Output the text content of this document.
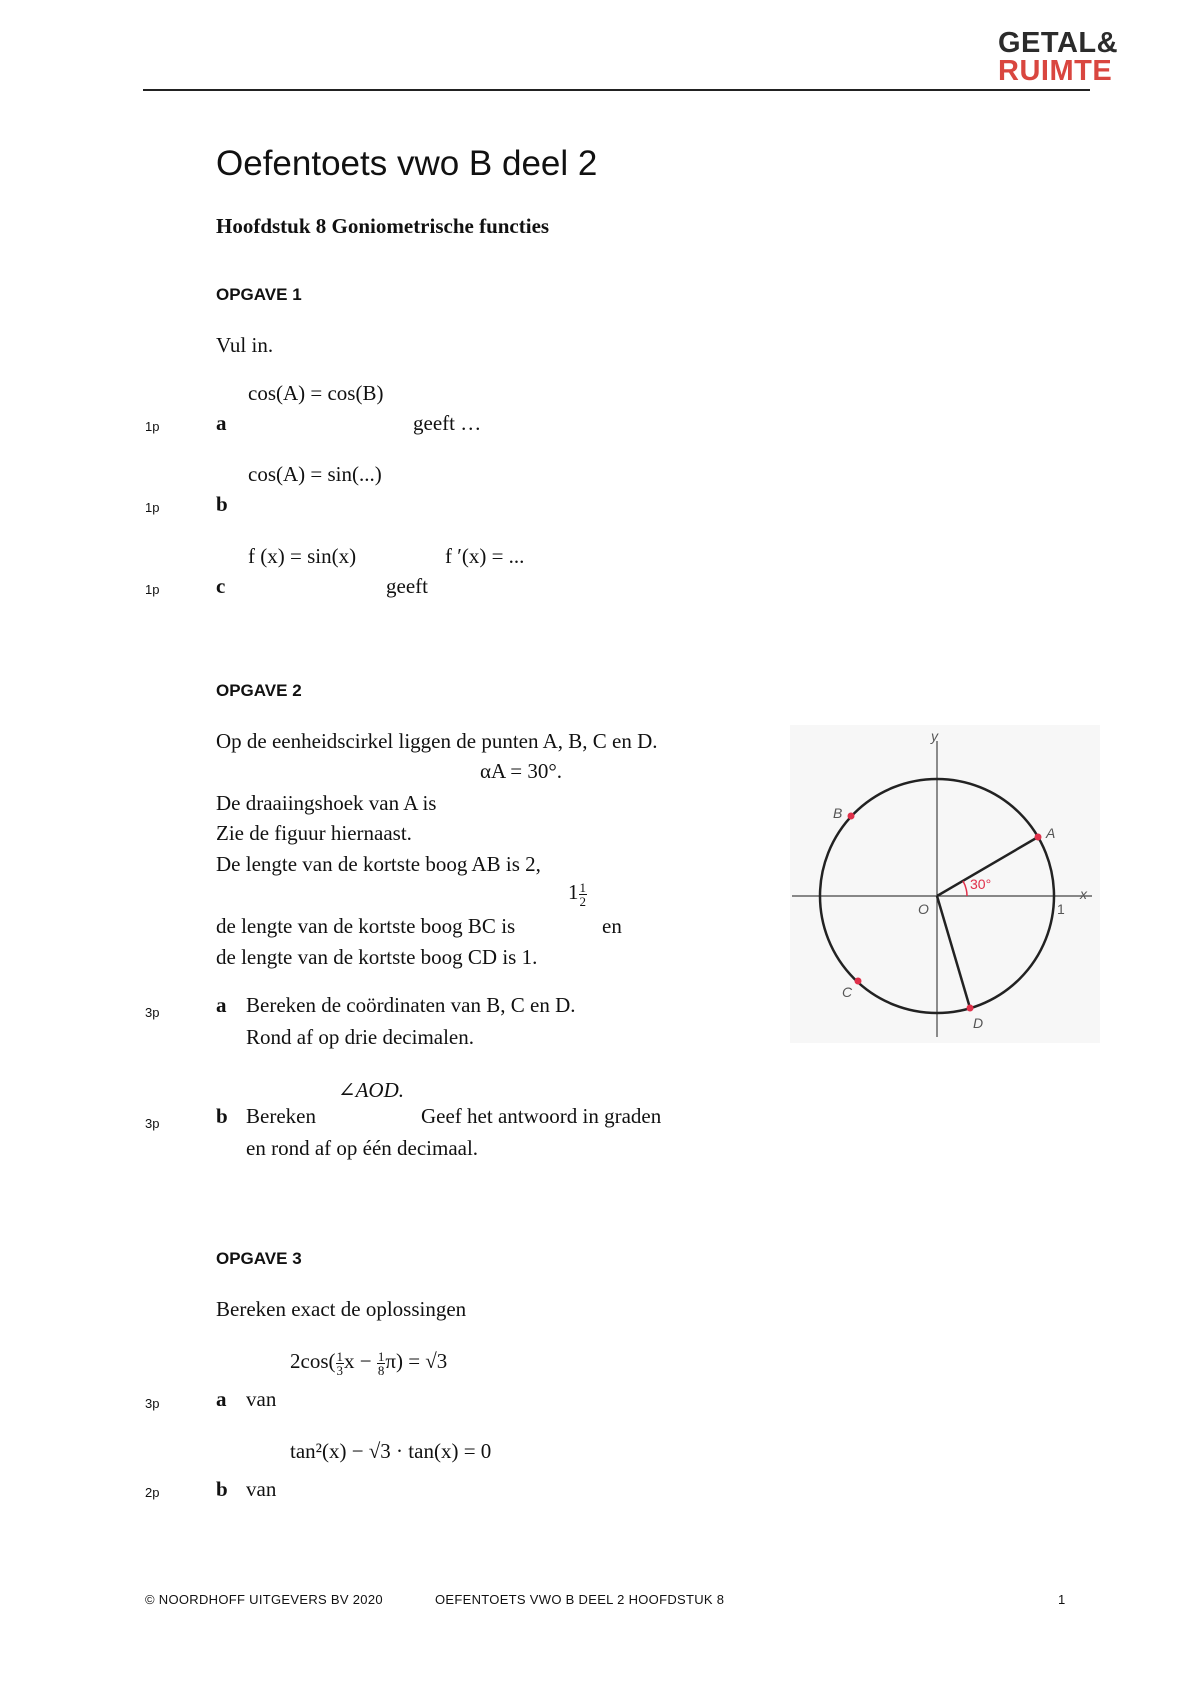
GETAL&
RUIMTE
Oefentoets vwo B deel 2
Hoofdstuk 8 Goniometrische functies
OPGAVE 1
Vul in.
cos(A) = cos(B)
1p	a	geeft …
cos(A) = sin(...)
1p	b
f (x) = sin(x)	f ′(x) = ...
1p	c	geeft
OPGAVE 2
Op de eenheidscirkel liggen de punten A, B, C en D.
αA = 30°.
De draaiingshoek van A is
Zie de figuur hiernaast.
De lengte van de kortste boog AB is 2,
$1 \frac{1}{2}$
de lengte van de kortste boog BC is	en
de lengte van de kortste boog CD is 1.
3p	a Bereken de coördinaten van B, C en D.
Rond af op drie decimalen.
∠AOD.
3p	b Bereken	Geef het antwoord in graden
en rond af op één decimaal.
y
x
O	1
30°
A
B
C
D
OPGAVE 3
Bereken exact de oplossingen
$2\cos( \frac{1}{3}$ $x - \frac{1}{8} \pi) = √3$
3p	a van
tan²(x) − √3 · tan(x) = 0
2p	b van
© NOORDHOFF UITGEVERS BV 2020	OEFENTOETS VWO B DEEL 2 HOOFDSTUK 8	1
